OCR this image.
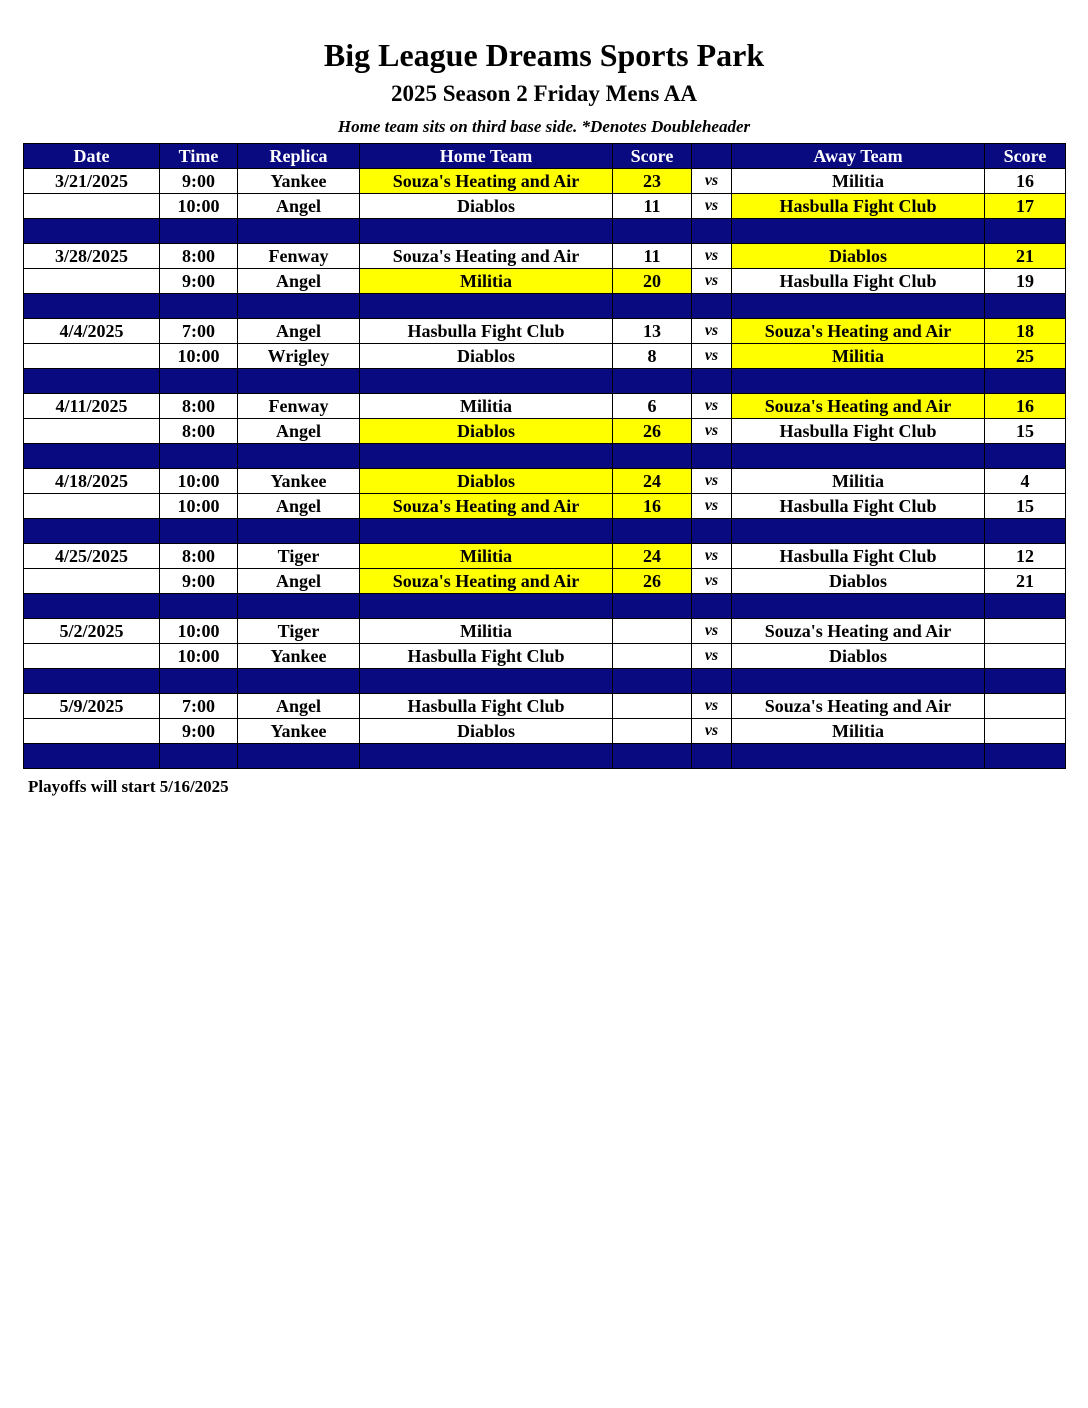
Big League Dreams Sports Park
2025 Season 2 Friday Mens AA
Home team sits on third base side. *Denotes Doubleheader
Date	Time	Replica	Home Team	Score		Away Team	Score
3/21/2025	9:00	Yankee	Souza's Heating and Air	23	vs	Militia	16
	10:00	Angel	Diablos	11	vs	Hasbulla Fight Club	17

3/28/2025	8:00	Fenway	Souza's Heating and Air	11	vs	Diablos	21
	9:00	Angel	Militia	20	vs	Hasbulla Fight Club	19

4/4/2025	7:00	Angel	Hasbulla Fight Club	13	vs	Souza's Heating and Air	18
	10:00	Wrigley	Diablos	8	vs	Militia	25

4/11/2025	8:00	Fenway	Militia	6	vs	Souza's Heating and Air	16
	8:00	Angel	Diablos	26	vs	Hasbulla Fight Club	15

4/18/2025	10:00	Yankee	Diablos	24	vs	Militia	4
	10:00	Angel	Souza's Heating and Air	16	vs	Hasbulla Fight Club	15

4/25/2025	8:00	Tiger	Militia	24	vs	Hasbulla Fight Club	12
	9:00	Angel	Souza's Heating and Air	26	vs	Diablos	21

5/2/2025	10:00	Tiger	Militia		vs	Souza's Heating and Air	
	10:00	Yankee	Hasbulla Fight Club		vs	Diablos	

5/9/2025	7:00	Angel	Hasbulla Fight Club		vs	Souza's Heating and Air	
	9:00	Yankee	Diablos		vs	Militia	

Playoffs will start 5/16/2025
